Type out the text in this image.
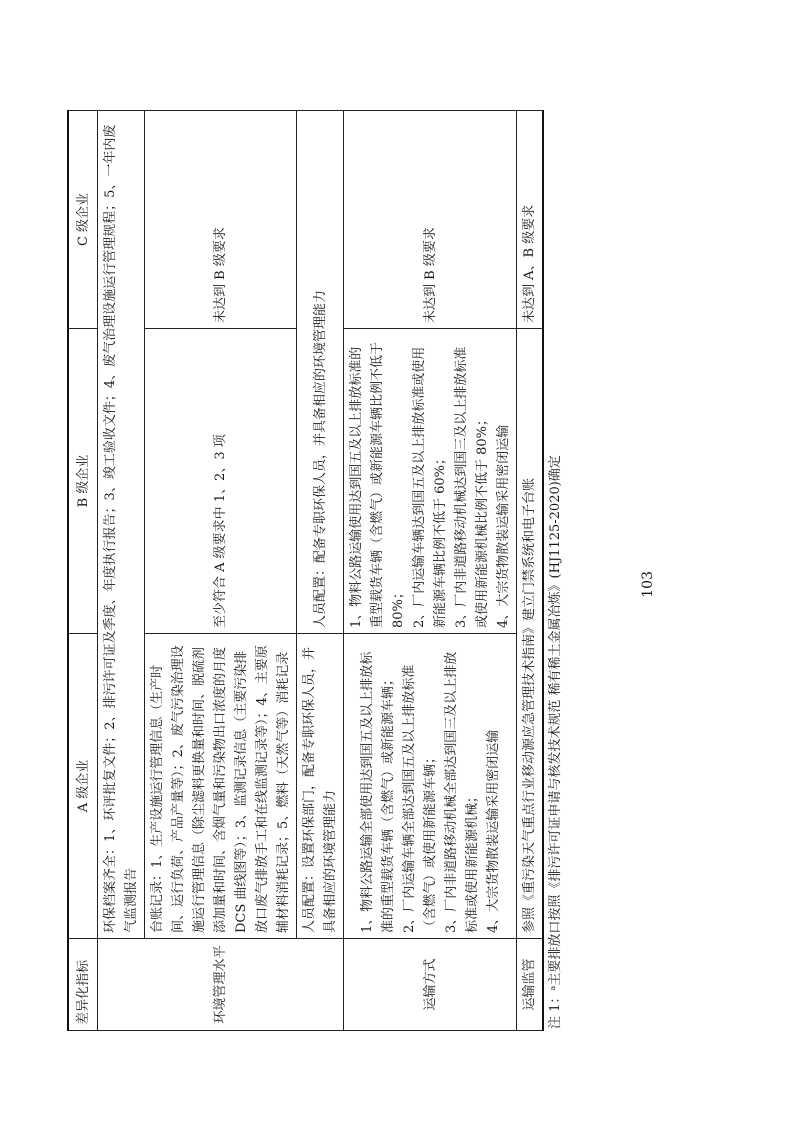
差异化指标	A 级企业	B 级企业	C 级企业
环境管理水平	环保档案齐全：1、环评批复文件；2、排污许可证及季度、年度执行报告；3、竣工验收文件；4、废气治理设施运行管理规程；5、一年内废气监测报告		
	台账记录：1、生产设施运行管理信息（生产时间、运行负荷、产品产量等）；2、废气污染治理设施运行管理信息（除尘滤料更换量和时间、脱硫剂添加量和时间、含烟气量和污染物出口浓度的月度 DCS 曲线图等）；3、监测记录信息（主要污染排放口废气排放手工和在线监测记录等）；4、主要原辅材料消耗记录；5、燃料（天然气等）消耗记录	至少符合 A 级要求中 1、2、3 项	未达到 B 级要求
	人员配置：设置环保部门，配备专职环保人员，并具备相应的环境管理能力	人员配置：配备专职环保人员，并具备相应的环境管理能力	
运输方式	1、物料公路运输全部使用达到国五及以上排放标准的重型载货车辆（含燃气）或新能源车辆；
2、厂内运输车辆全部达到国五及以上排放标准（含燃气）或使用新能源车辆；
3、厂内非道路移动机械全部达到国三及以上排放标准或使用新能源机械；
4、大宗货物散装运输采用密闭运输	1、物料公路运输使用达到国五及以上排放标准的重型载货车辆（含燃气）或新能源车辆比例不低于 80%；
2、厂内运输车辆达到国五及以上排放标准或使用新能源车辆比例不低于 60%；
3、厂内非道路移动机械达到国三及以上排放标准或使用新能源机械比例不低于 80%；
4、大宗货物散装运输采用密闭运输	未达到 B 级要求
运输监管	参照《重污染天气重点行业移动源应急管理技术指南》建立门禁系统和电子台账		未达到 A、B 级要求
注 1：ᵃ主要排放口按照《排污许可证申请与核发技术规范 稀有稀土金属冶炼》(HJ1125-2020)确定	103
